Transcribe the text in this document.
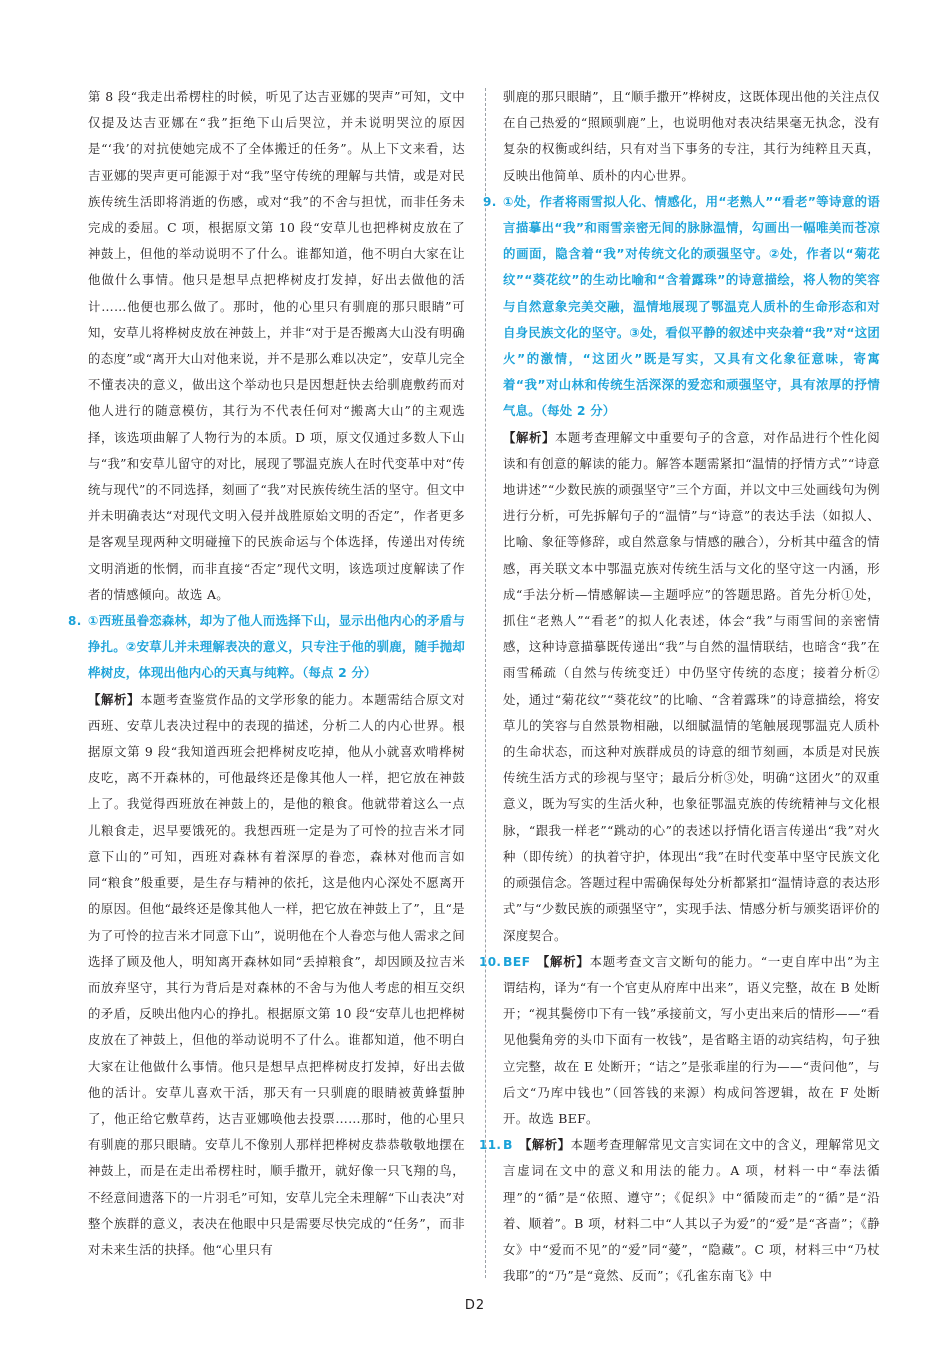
第 8 段“我走出希楞柱的时候，听见了达吉亚娜的哭声”可知，文中仅提及达吉亚娜在“我”拒绝下山后哭泣，并未说明哭泣的原因是“‘我’的对抗使她完成不了全体搬迁的任务”。从上下文来看，达吉亚娜的哭声更可能源于对“我”坚守传统的理解与共情，或是对民族传统生活即将消逝的伤感，或对“我”的不舍与担忧，而非任务未完成的委屈。C 项，根据原文第 10 段“安草儿也把桦树皮放在了神鼓上，但他的举动说明不了什么。谁都知道，他不明白大家在让他做什么事情。他只是想早点把桦树皮打发掉，好出去做他的活计……他便也那么做了。那时，他的心里只有驯鹿的那只眼睛”可知，安草儿将桦树皮放在神鼓上，并非“对于是否搬离大山没有明确的态度”或“离开大山对他来说，并不是那么难以决定”，安草儿完全不懂表决的意义，做出这个举动也只是因想赶快去给驯鹿敷药而对他人进行的随意模仿，其行为不代表任何对“搬离大山”的主观选择，该选项曲解了人物行为的本质。D 项，原文仅通过多数人下山与“我”和安草儿留守的对比，展现了鄂温克族人在时代变革中对“传统与现代”的不同选择，刻画了“我”对民族传统生活的坚守。但文中并未明确表达“对现代文明入侵并战胜原始文明的否定”，作者更多是客观呈现两种文明碰撞下的民族命运与个体选择，传递出对传统文明消逝的怅惘，而非直接“否定”现代文明，该选项过度解读了作者的情感倾向。故选 A。

8. ①西班虽眷恋森林，却为了他人而选择下山，显示出他内心的矛盾与挣扎。②安草儿并未理解表决的意义，只专注于他的驯鹿，随手抛却桦树皮，体现出他内心的天真与纯粹。（每点 2 分）
【解析】本题考查鉴赏作品的文学形象的能力。本题需结合原文对西班、安草儿表决过程中的表现的描述，分析二人的内心世界。根据原文第 9 段“我知道西班会把桦树皮吃掉，他从小就喜欢啃桦树皮吃，离不开森林的，可他最终还是像其他人一样，把它放在神鼓上了。我觉得西班放在神鼓上的，是他的粮食。他就带着这么一点儿粮食走，迟早要饿死的。我想西班一定是为了可怜的拉吉米才同意下山的”可知，西班对森林有着深厚的眷恋，森林对他而言如同“粮食”般重要，是生存与精神的依托，这是他内心深处不愿离开的原因。但他“最终还是像其他人一样，把它放在神鼓上了”，且“是为了可怜的拉吉米才同意下山”，说明他在个人眷恋与他人需求之间选择了顾及他人，明知离开森林如同“丢掉粮食”，却因顾及拉吉米而放弃坚守，其行为背后是对森林的不舍与为他人考虑的相互交织的矛盾，反映出他内心的挣扎。根据原文第 10 段“安草儿也把桦树皮放在了神鼓上，但他的举动说明不了什么。谁都知道，他不明白大家在让他做什么事情。他只是想早点把桦树皮打发掉，好出去做他的活计。安草儿喜欢干活，那天有一只驯鹿的眼睛被黄蜂蜇肿了，他正给它敷草药，达吉亚娜唤他去投票……那时，他的心里只有驯鹿的那只眼睛。安草儿不像别人那样把桦树皮恭恭敬敬地摆在神鼓上，而是在走出希楞柱时，顺手撒开，就好像一只飞翔的鸟，不经意间遗落下的一片羽毛”可知，安草儿完全未理解“下山表决”对整个族群的意义，表决在他眼中只是需要尽快完成的“任务”，而非对未来生活的抉择。他“心里只有

驯鹿的那只眼睛”，且“顺手撒开”桦树皮，这既体现出他的关注点仅在自己热爱的“照顾驯鹿”上，也说明他对表决结果毫无执念，没有复杂的权衡或纠结，只有对当下事务的专注，其行为纯粹且天真，反映出他简单、质朴的内心世界。

9. ①处，作者将雨雪拟人化、情感化，用“老熟人”“看老”等诗意的语言描摹出“我”和雨雪亲密无间的脉脉温情，勾画出一幅唯美而苍凉的画面，隐含着“我”对传统文化的顽强坚守。②处，作者以“菊花纹”“葵花纹”的生动比喻和“含着露珠”的诗意描绘，将人物的笑容与自然意象完美交融，温情地展现了鄂温克人质朴的生命形态和对自身民族文化的坚守。③处，看似平静的叙述中夹杂着“我”对“这团火”的激情，“这团火”既是写实，又具有文化象征意味，寄寓着“我”对山林和传统生活深深的爱恋和顽强坚守，具有浓厚的抒情气息。（每处 2 分）
【解析】本题考查理解文中重要句子的含意，对作品进行个性化阅读和有创意的解读的能力。解答本题需紧扣“温情的抒情方式”“诗意地讲述”“少数民族的顽强坚守”三个方面，并以文中三处画线句为例进行分析，可先拆解句子的“温情”与“诗意”的表达手法（如拟人、比喻、象征等修辞，或自然意象与情感的融合），分析其中蕴含的情感，再关联文本中鄂温克族对传统生活与文化的坚守这一内涵，形成“手法分析—情感解读—主题呼应”的答题思路。首先分析①处，抓住“老熟人”“看老”的拟人化表述，体会“我”与雨雪间的亲密情感，这种诗意描摹既传递出“我”与自然的温情联结，也暗含“我”在雨雪稀疏（自然与传统变迁）中仍坚守传统的态度；接着分析②处，通过“菊花纹”“葵花纹”的比喻、“含着露珠”的诗意描绘，将安草儿的笑容与自然景物相融，以细腻温情的笔触展现鄂温克人质朴的生命状态，而这种对族群成员的诗意的细节刻画，本质是对民族传统生活方式的珍视与坚守；最后分析③处，明确“这团火”的双重意义，既为写实的生活火种，也象征鄂温克族的传统精神与文化根脉，“跟我一样老”“跳动的心”的表述以抒情化语言传递出“我”对火种（即传统）的执着守护，体现出“我”在时代变革中坚守民族文化的顽强信念。答题过程中需确保每处分析都紧扣“温情诗意的表达形式”与“少数民族的顽强坚守”，实现手法、情感分析与颁奖语评价的深度契合。
10. BEF 【解析】本题考查文言文断句的能力。“一吏自库中出”为主谓结构，译为“有一个官吏从府库中出来”，语义完整，故在 B 处断开；“视其鬓傍巾下有一钱”承接前文，写小吏出来后的情形——“看见他鬓角旁的头巾下面有一枚钱”，是省略主语的动宾结构，句子独立完整，故在 E 处断开；“诘之”是张乖崖的行为——“责问他”，与后文“乃库中钱也”（回答钱的来源）构成问答逻辑，故在 F 处断开。故选 BEF。
11. B 【解析】本题考查理解常见文言实词在文中的含义，理解常见文言虚词在文中的意义和用法的能力。A 项，材料一中“奉法循理”的“循”是“依照、遵守”；《促织》中“循陵而走”的“循”是“沿着、顺着”。B 项，材料二中“人其以子为爱”的“爱”是“吝啬”；《静女》中“爱而不见”的“爱”同“薆”，“隐藏”。C 项，材料三中“乃杖我耶”的“乃”是“竟然、反而”；《孔雀东南飞》中
D2
